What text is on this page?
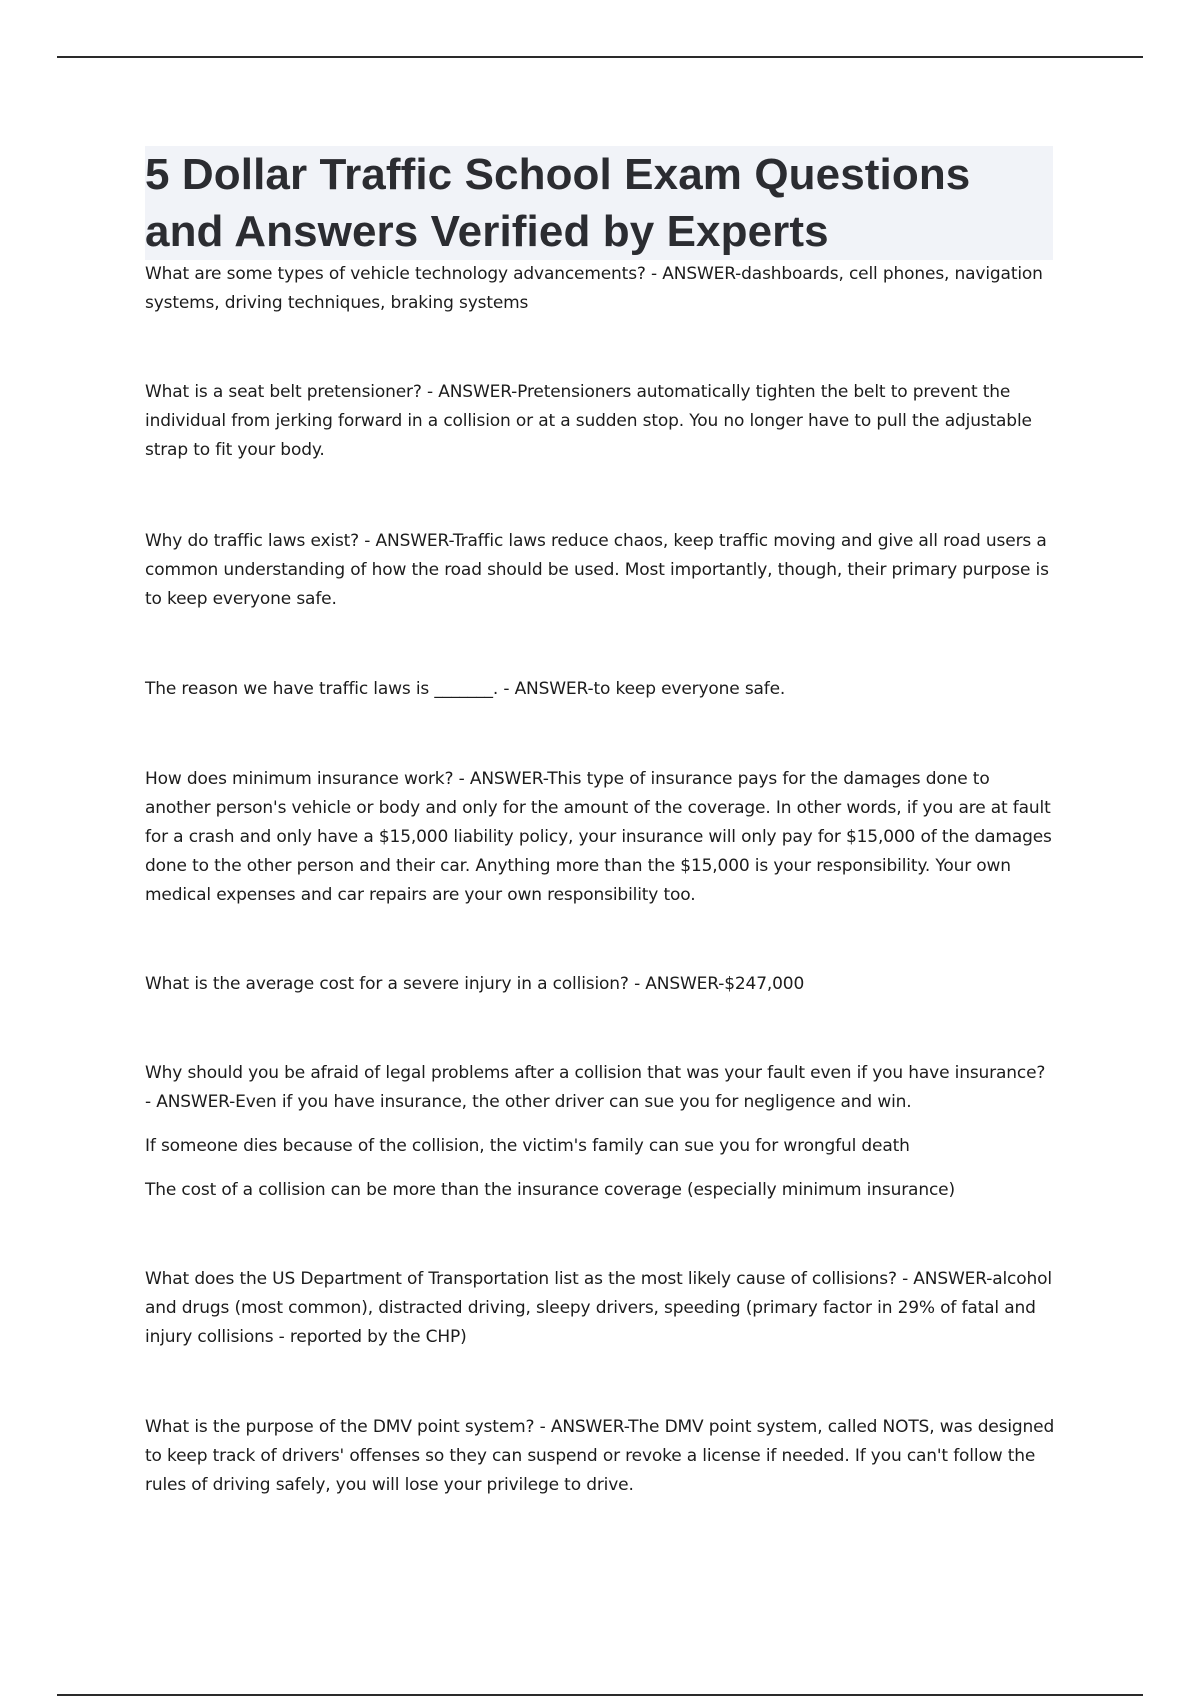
5 Dollar Traffic School Exam Questions and Answers Verified by Experts

What are some types of vehicle technology advancements? - ANSWER-dashboards, cell phones, navigation systems, driving techniques, braking systems

What is a seat belt pretensioner? - ANSWER-Pretensioners automatically tighten the belt to prevent the individual from jerking forward in a collision or at a sudden stop. You no longer have to pull the adjustable strap to fit your body.

Why do traffic laws exist? - ANSWER-Traffic laws reduce chaos, keep traffic moving and give all road users a common understanding of how the road should be used. Most importantly, though, their primary purpose is to keep everyone safe.

The reason we have traffic laws is _______. - ANSWER-to keep everyone safe.

How does minimum insurance work? - ANSWER-This type of insurance pays for the damages done to another person's vehicle or body and only for the amount of the coverage. In other words, if you are at fault for a crash and only have a $15,000 liability policy, your insurance will only pay for $15,000 of the damages done to the other person and their car. Anything more than the $15,000 is your responsibility. Your own medical expenses and car repairs are your own responsibility too.

What is the average cost for a severe injury in a collision? - ANSWER-$247,000

Why should you be afraid of legal problems after a collision that was your fault even if you have insurance? - ANSWER-Even if you have insurance, the other driver can sue you for negligence and win.

If someone dies because of the collision, the victim's family can sue you for wrongful death

The cost of a collision can be more than the insurance coverage (especially minimum insurance)

What does the US Department of Transportation list as the most likely cause of collisions? - ANSWER-alcohol and drugs (most common), distracted driving, sleepy drivers, speeding (primary factor in 29% of fatal and injury collisions - reported by the CHP)

What is the purpose of the DMV point system? - ANSWER-The DMV point system, called NOTS, was designed to keep track of drivers' offenses so they can suspend or revoke a license if needed. If you can't follow the rules of driving safely, you will lose your privilege to drive.
